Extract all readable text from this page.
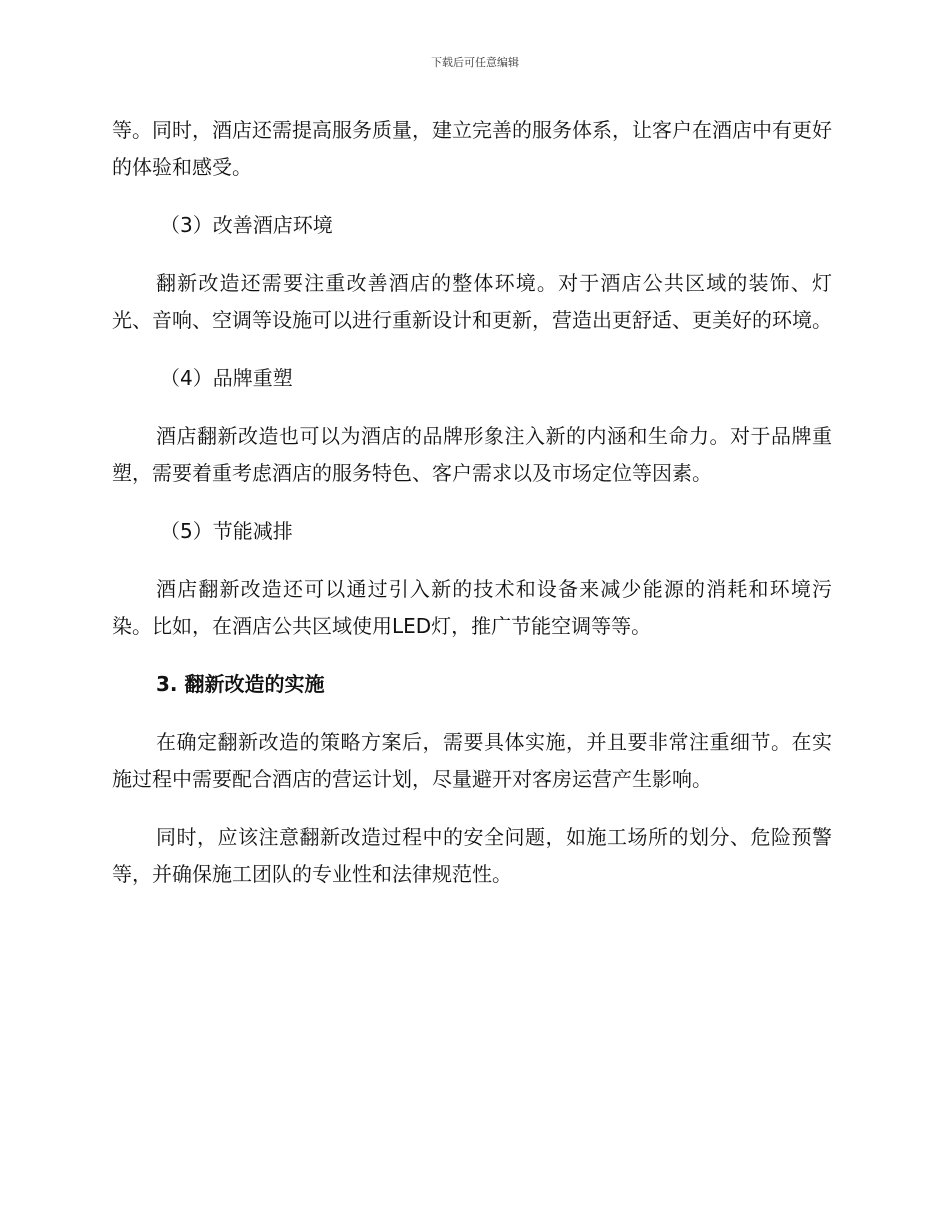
下载后可任意编辑

等。同时，酒店还需提高服务质量，建立完善的服务体系，让客户在酒店中有更好的体验和感受。

（3）改善酒店环境

翻新改造还需要注重改善酒店的整体环境。对于酒店公共区域的装饰、灯光、音响、空调等设施可以进行重新设计和更新，营造出更舒适、更美好的环境。

（4）品牌重塑

酒店翻新改造也可以为酒店的品牌形象注入新的内涵和生命力。对于品牌重塑，需要着重考虑酒店的服务特色、客户需求以及市场定位等因素。

（5）节能减排

酒店翻新改造还可以通过引入新的技术和设备来减少能源的消耗和环境污染。比如，在酒店公共区域使用LED灯，推广节能空调等等。

3. 翻新改造的实施

在确定翻新改造的策略方案后，需要具体实施，并且要非常注重细节。在实施过程中需要配合酒店的营运计划，尽量避开对客房运营产生影响。

同时，应该注意翻新改造过程中的安全问题，如施工场所的划分、危险预警等，并确保施工团队的专业性和法律规范性。
